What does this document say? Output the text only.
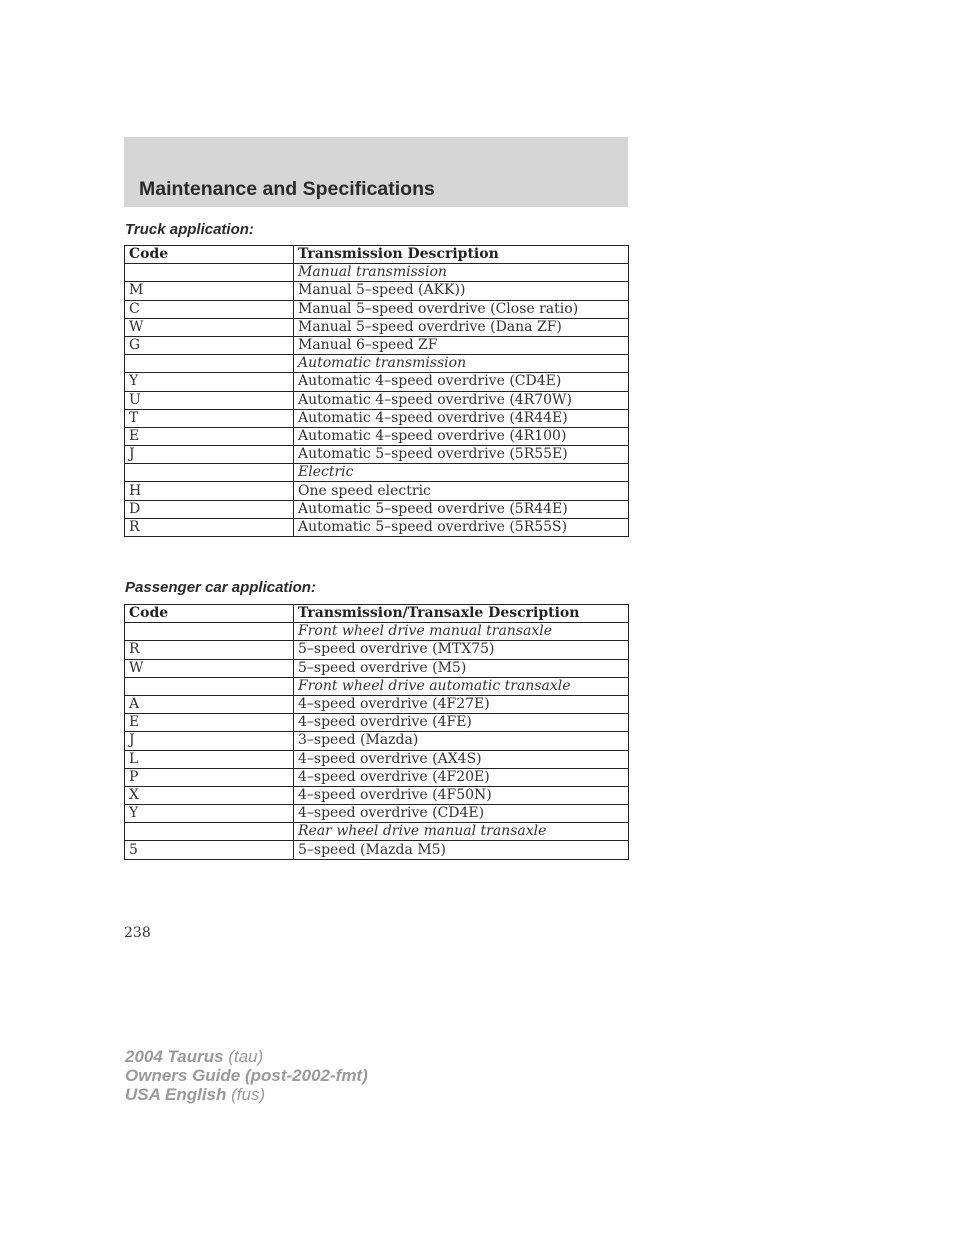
Maintenance and Specifications
Truck application:
Code	Transmission Description
	Manual transmission
M	Manual 5–speed (AKK))
C	Manual 5–speed overdrive (Close ratio)
W	Manual 5–speed overdrive (Dana ZF)
G	Manual 6–speed ZF
	Automatic transmission
Y	Automatic 4–speed overdrive (CD4E)
U	Automatic 4–speed overdrive (4R70W)
T	Automatic 4–speed overdrive (4R44E)
E	Automatic 4–speed overdrive (4R100)
J	Automatic 5–speed overdrive (5R55E)
	Electric
H	One speed electric
D	Automatic 5–speed overdrive (5R44E)
R	Automatic 5–speed overdrive (5R55S)
Passenger car application:
Code	Transmission/Transaxle Description
	Front wheel drive manual transaxle
R	5–speed overdrive (MTX75)
W	5–speed overdrive (M5)
	Front wheel drive automatic transaxle
A	4–speed overdrive (4F27E)
E	4–speed overdrive (4FE)
J	3–speed (Mazda)
L	4–speed overdrive (AX4S)
P	4–speed overdrive (4F20E)
X	4–speed overdrive (4F50N)
Y	4–speed overdrive (CD4E)
	Rear wheel drive manual transaxle
5	5–speed (Mazda M5)
238
2004 Taurus (tau)
Owners Guide (post-2002-fmt)
USA English (fus)
